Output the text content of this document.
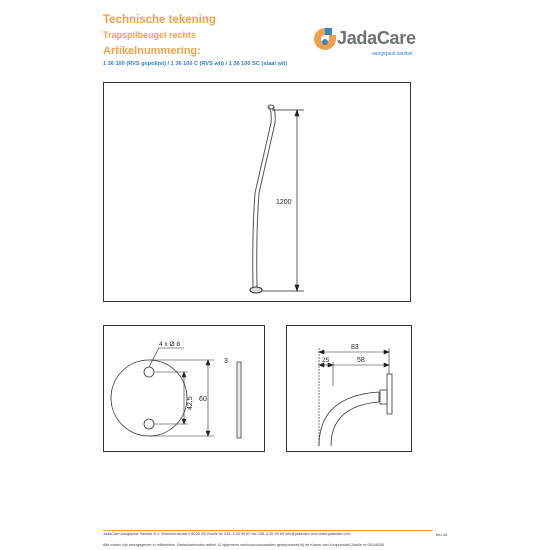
Technische tekening
Trapspilbeugel rechts
Artikelnummering:
1 36 100 (RVS gepolijst) / 1 36 100 C (RVS wit) / 1 36 100 SC (staal wit)
JadaCare
aangepast sanitair
1200
4 x Ø 8
42,5 60
3
83
25	58
JadaCare Aangepast Sanitair B.V. Bohemenstraat 5 8028 SB Zwolle tel 038–4 55 55 60 fax 038–4 55 55 69 info@jadacare.com www.jadacare.com	feb-18
Alle maten zijn weergegeven in millimeters. Nadrukverboden artikel 12 algemene verkoopvoorwaarden gedeponeerd bij de Kamer van Koophandel Zwolle nr.05046254
